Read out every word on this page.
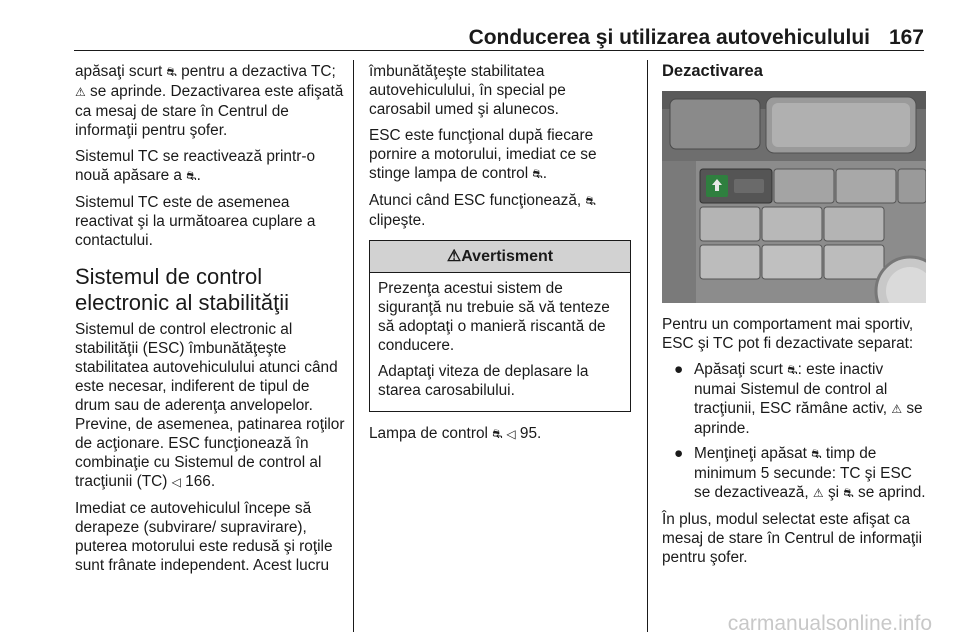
Conducerea şi utilizarea autovehiculului 167

apăsaţi scurt ⛐ pentru a dezactiva TC; ⚠ se aprinde. Dezactivarea este afişată ca mesaj de stare în Centrul de informaţii pentru şofer.

Sistemul TC se reactivează printr-o nouă apăsare a ⛐.

Sistemul TC este de asemenea reactivat şi la următoarea cuplare a contactului.

Sistemul de control electronic al stabilităţii

Sistemul de control electronic al stabilităţii (ESC) îmbunătăţeşte stabilitatea autovehiculului atunci când este necesar, indiferent de tipul de drum sau de aderenţa anvelopelor. Previne, de asemenea, patinarea roţilor de acţionare. ESC funcţionează în combinaţie cu Sistemul de control al tracţiunii (TC) ◁ 166.

Imediat ce autovehiculul începe să derapeze (subvirare/ supravirare), puterea motorului este redusă şi roţile sunt frânate independent. Acest lucru

îmbunătăţeşte stabilitatea autovehiculului, în special pe carosabil umed şi alunecos.

ESC este funcţional după fiecare pornire a motorului, imediat ce se stinge lampa de control ⛐.

Atunci când ESC funcţionează, ⛐ clipeşte.

⚠Avertisment

Prezenţa acestui sistem de siguranţă nu trebuie să vă tenteze să adoptaţi o manieră riscantă de conducere.

Adaptaţi viteza de deplasare la starea carosabilului.

Lampa de control ⛐ ◁ 95.

Dezactivarea

Pentru un comportament mai sportiv, ESC şi TC pot fi dezactivate separat:

● Apăsaţi scurt ⛐: este inactiv numai Sistemul de control al tracţiunii, ESC rămâne activ, ⚠ se aprinde.
● Menţineţi apăsat ⛐ timp de minimum 5 secunde: TC şi ESC se dezactivează, ⚠ şi ⛐ se aprind.

În plus, modul selectat este afişat ca mesaj de stare în Centrul de informaţii pentru şofer.

carmanualsonline.info
